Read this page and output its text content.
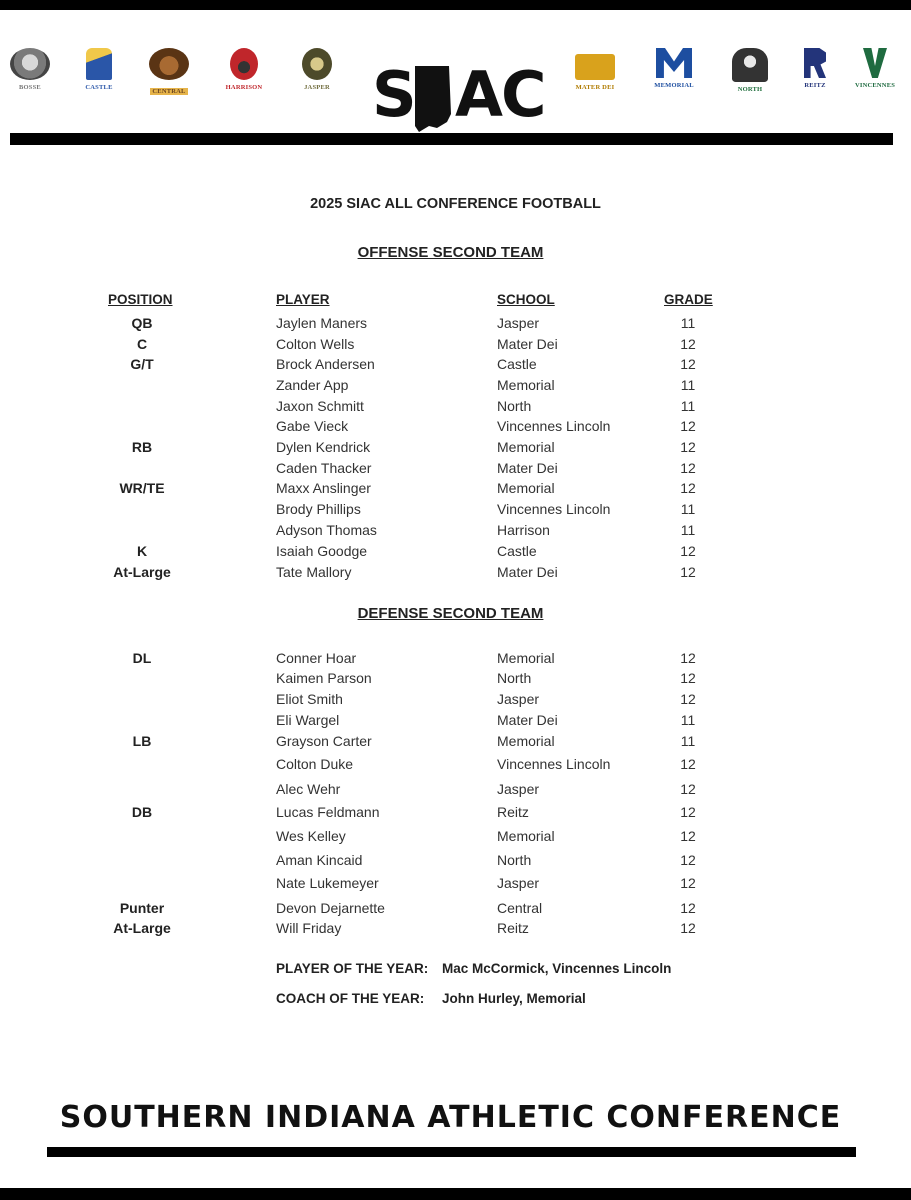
BOSSE	CASTLE
CENTRAL
HARRISON	JASPER S AC	MATER DEI	MEMORIAL
NORTH
REITZ	VINCENNES
2025 SIAC ALL CONFERENCE FOOTBALL
OFFENSE SECOND TEAM
POSITION	PLAYER	SCHOOL	GRADE
QB	Jaylen Maners	Jasper	11
C	Colton Wells	Mater Dei	12
G/T	Brock Andersen	Castle	12
Zander App	Memorial	11
Jaxon Schmitt	North	11
Gabe Vieck	Vincennes Lincoln	12
RB	Dylen Kendrick	Memorial	12
Caden Thacker	Mater Dei	12
WR/TE	Maxx Anslinger	Memorial	12
Brody Phillips	Vincennes Lincoln	11
Adyson Thomas	Harrison	11
K	Isaiah Goodge	Castle	12
At-Large	Tate Mallory	Mater Dei	12
DEFENSE SECOND TEAM
DL	Conner Hoar	Memorial	12
Kaimen Parson	North	12
Eliot Smith	Jasper	12
Eli Wargel	Mater Dei	11
LB	Grayson Carter	Memorial	11
Colton Duke	Vincennes Lincoln	12
Alec Wehr	Jasper	12
DB	Lucas Feldmann	Reitz	12
Wes Kelley	Memorial	12
Aman Kincaid	North	12
Nate Lukemeyer	Jasper	12
Punter	Devon Dejarnette	Central	12
At-Large	Will Friday	Reitz	12
PLAYER OF THE YEAR: Mac McCormick, Vincennes Lincoln
COACH OF THE YEAR: John Hurley, Memorial
SOUTHERN INDIANA ATHLETIC CONFERENCE
